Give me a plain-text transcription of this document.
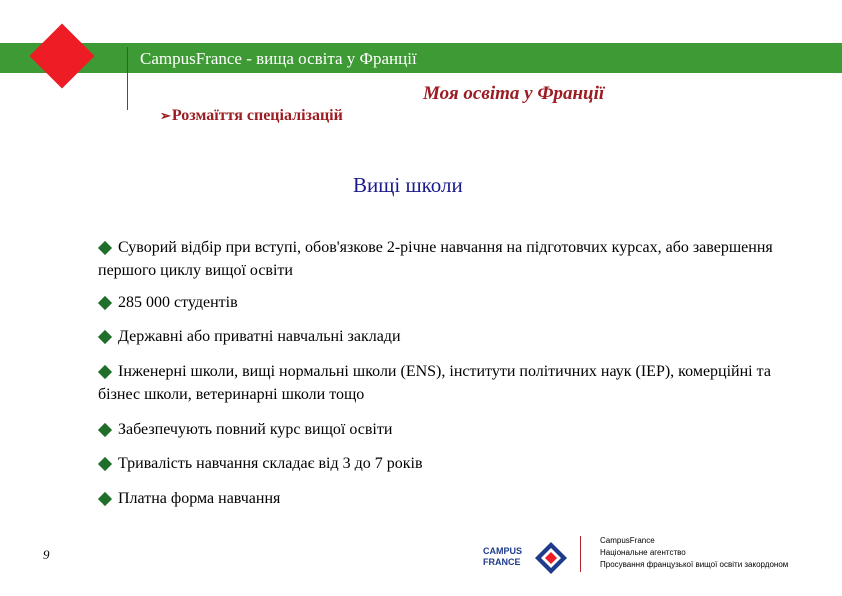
CampusFrance - вища освіта у Франції
Моя освіта у Франції
➢Розмаїття спеціалізацій
Вищі школи
Суворий відбір при вступі, обов'язкове 2-річне навчання на підготовчих курсах, або завершення першого циклу вищої освіти
285 000 студентів
Державні або приватні навчальні заклади
Інженерні школи, вищі нормальні школи (ENS), інститути політичних наук (IEP), комерційні та бізнес школи, ветеринарні школи тощо
Забезпечують повний курс вищої освіти
Тривалість навчання складає від 3 до 7 років
Платна форма навчання
9	CAMPUS
FRANCE
CampusFrance
Національне агентство
Просування французької вищої освіти закордоном
